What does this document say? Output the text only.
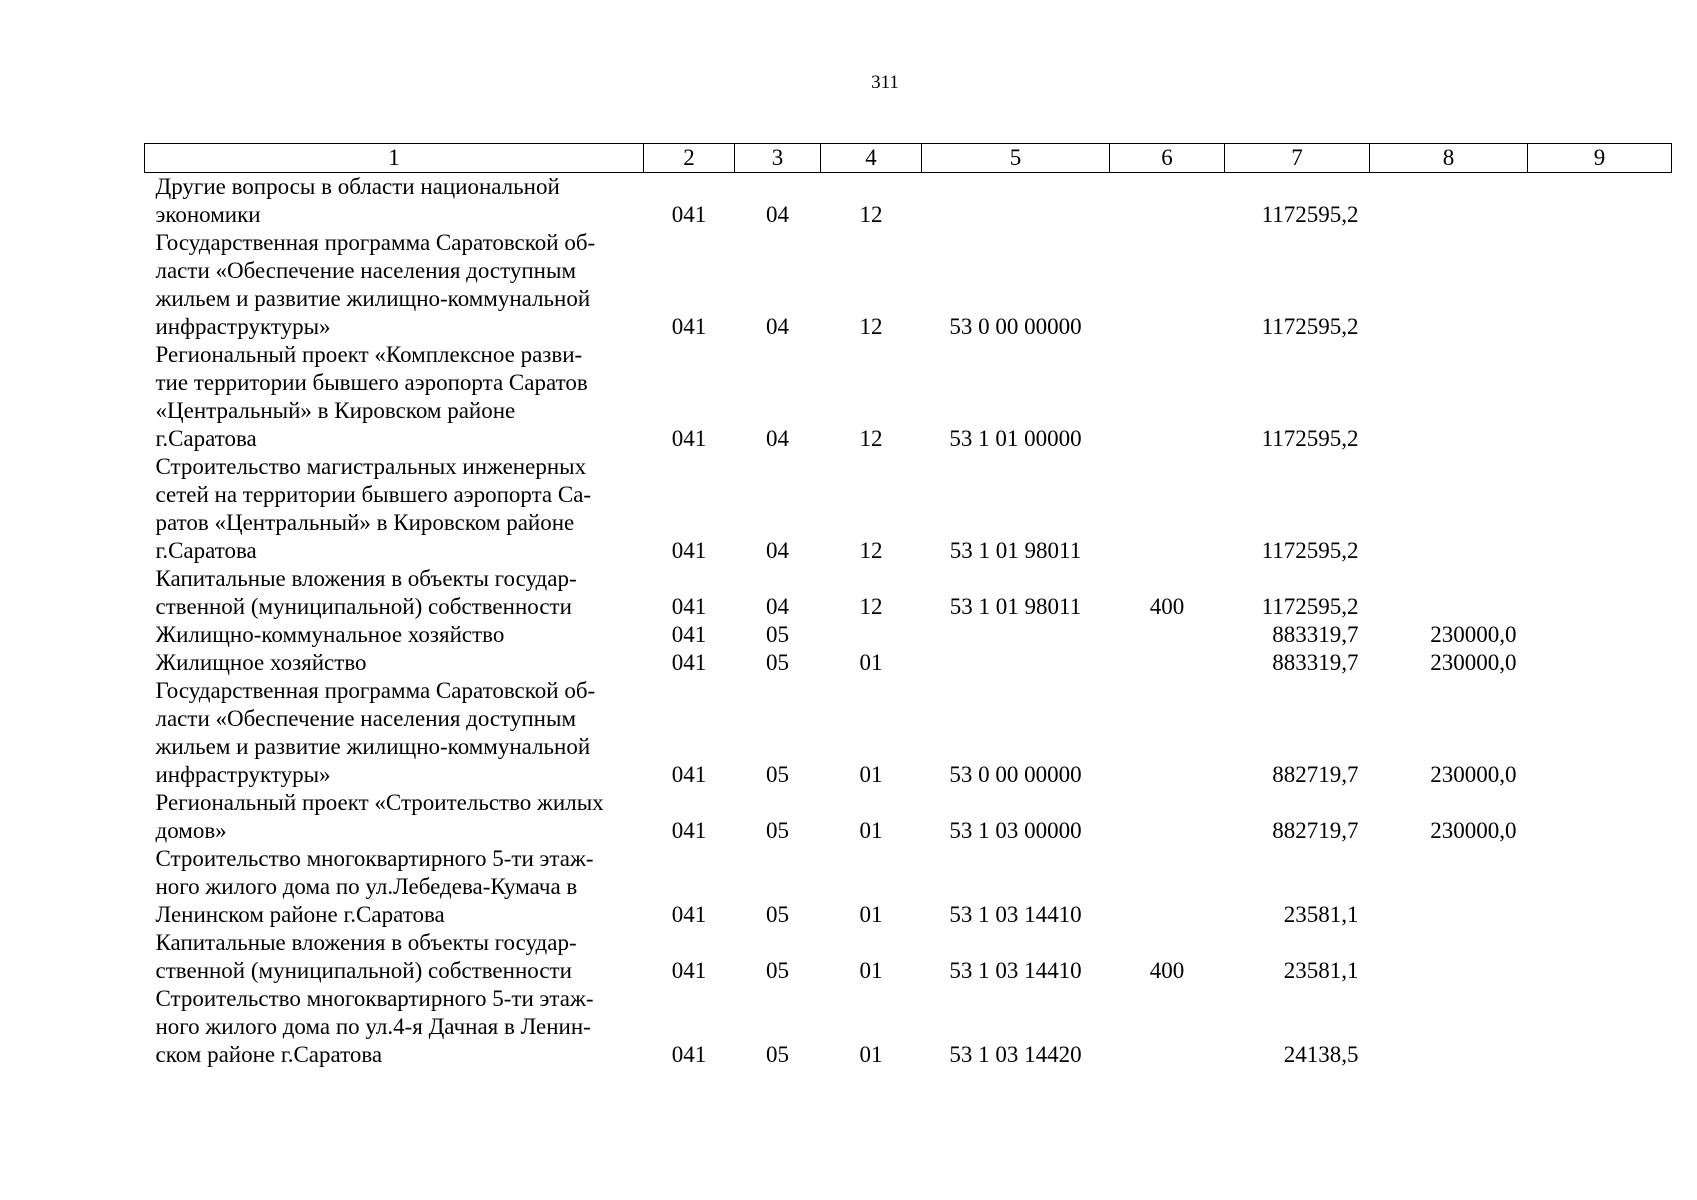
311
1	2	3	4	5	6	7	8	9

Другие вопросы в области национальной
экономики	041	04	12			1172595,2		

Государственная программа Саратовской об-
ласти «Обеспечение населения доступным
жильем и развитие жилищно-коммунальной
инфраструктуры»	041	04	12	53 0 00 00000		1172595,2		

Региональный проект «Комплексное разви-
тие территории бывшего аэропорта Саратов
«Центральный» в Кировском районе
г.Саратова	041	04	12	53 1 01 00000		1172595,2		

Строительство магистральных инженерных
сетей на территории бывшего аэропорта Са-
ратов «Центральный» в Кировском районе
г.Саратова	041	04	12	53 1 01 98011		1172595,2		

Капитальные вложения в объекты государ-
ственной (муниципальной) собственности	041	04	12	53 1 01 98011	400	1172595,2		

Жилищно-коммунальное хозяйство	041	05				883319,7	230000,0	

Жилищное хозяйство	041	05	01			883319,7	230000,0	

Государственная программа Саратовской об-
ласти «Обеспечение населения доступным
жильем и развитие жилищно-коммунальной
инфраструктуры»	041	05	01	53 0 00 00000		882719,7	230000,0	

Региональный проект «Строительство жилых
домов»	041	05	01	53 1 03 00000		882719,7	230000,0	

Строительство многоквартирного 5-ти этаж-
ного жилого дома по ул.Лебедева-Кумача в
Ленинском районе г.Саратова	041	05	01	53 1 03 14410		23581,1		

Капитальные вложения в объекты государ-
ственной (муниципальной) собственности	041	05	01	53 1 03 14410	400	23581,1		

Строительство многоквартирного 5-ти этаж-
ного жилого дома по ул.4-я Дачная в Ленин-
ском районе г.Саратова	041	05	01	53 1 03 14420		24138,5		
